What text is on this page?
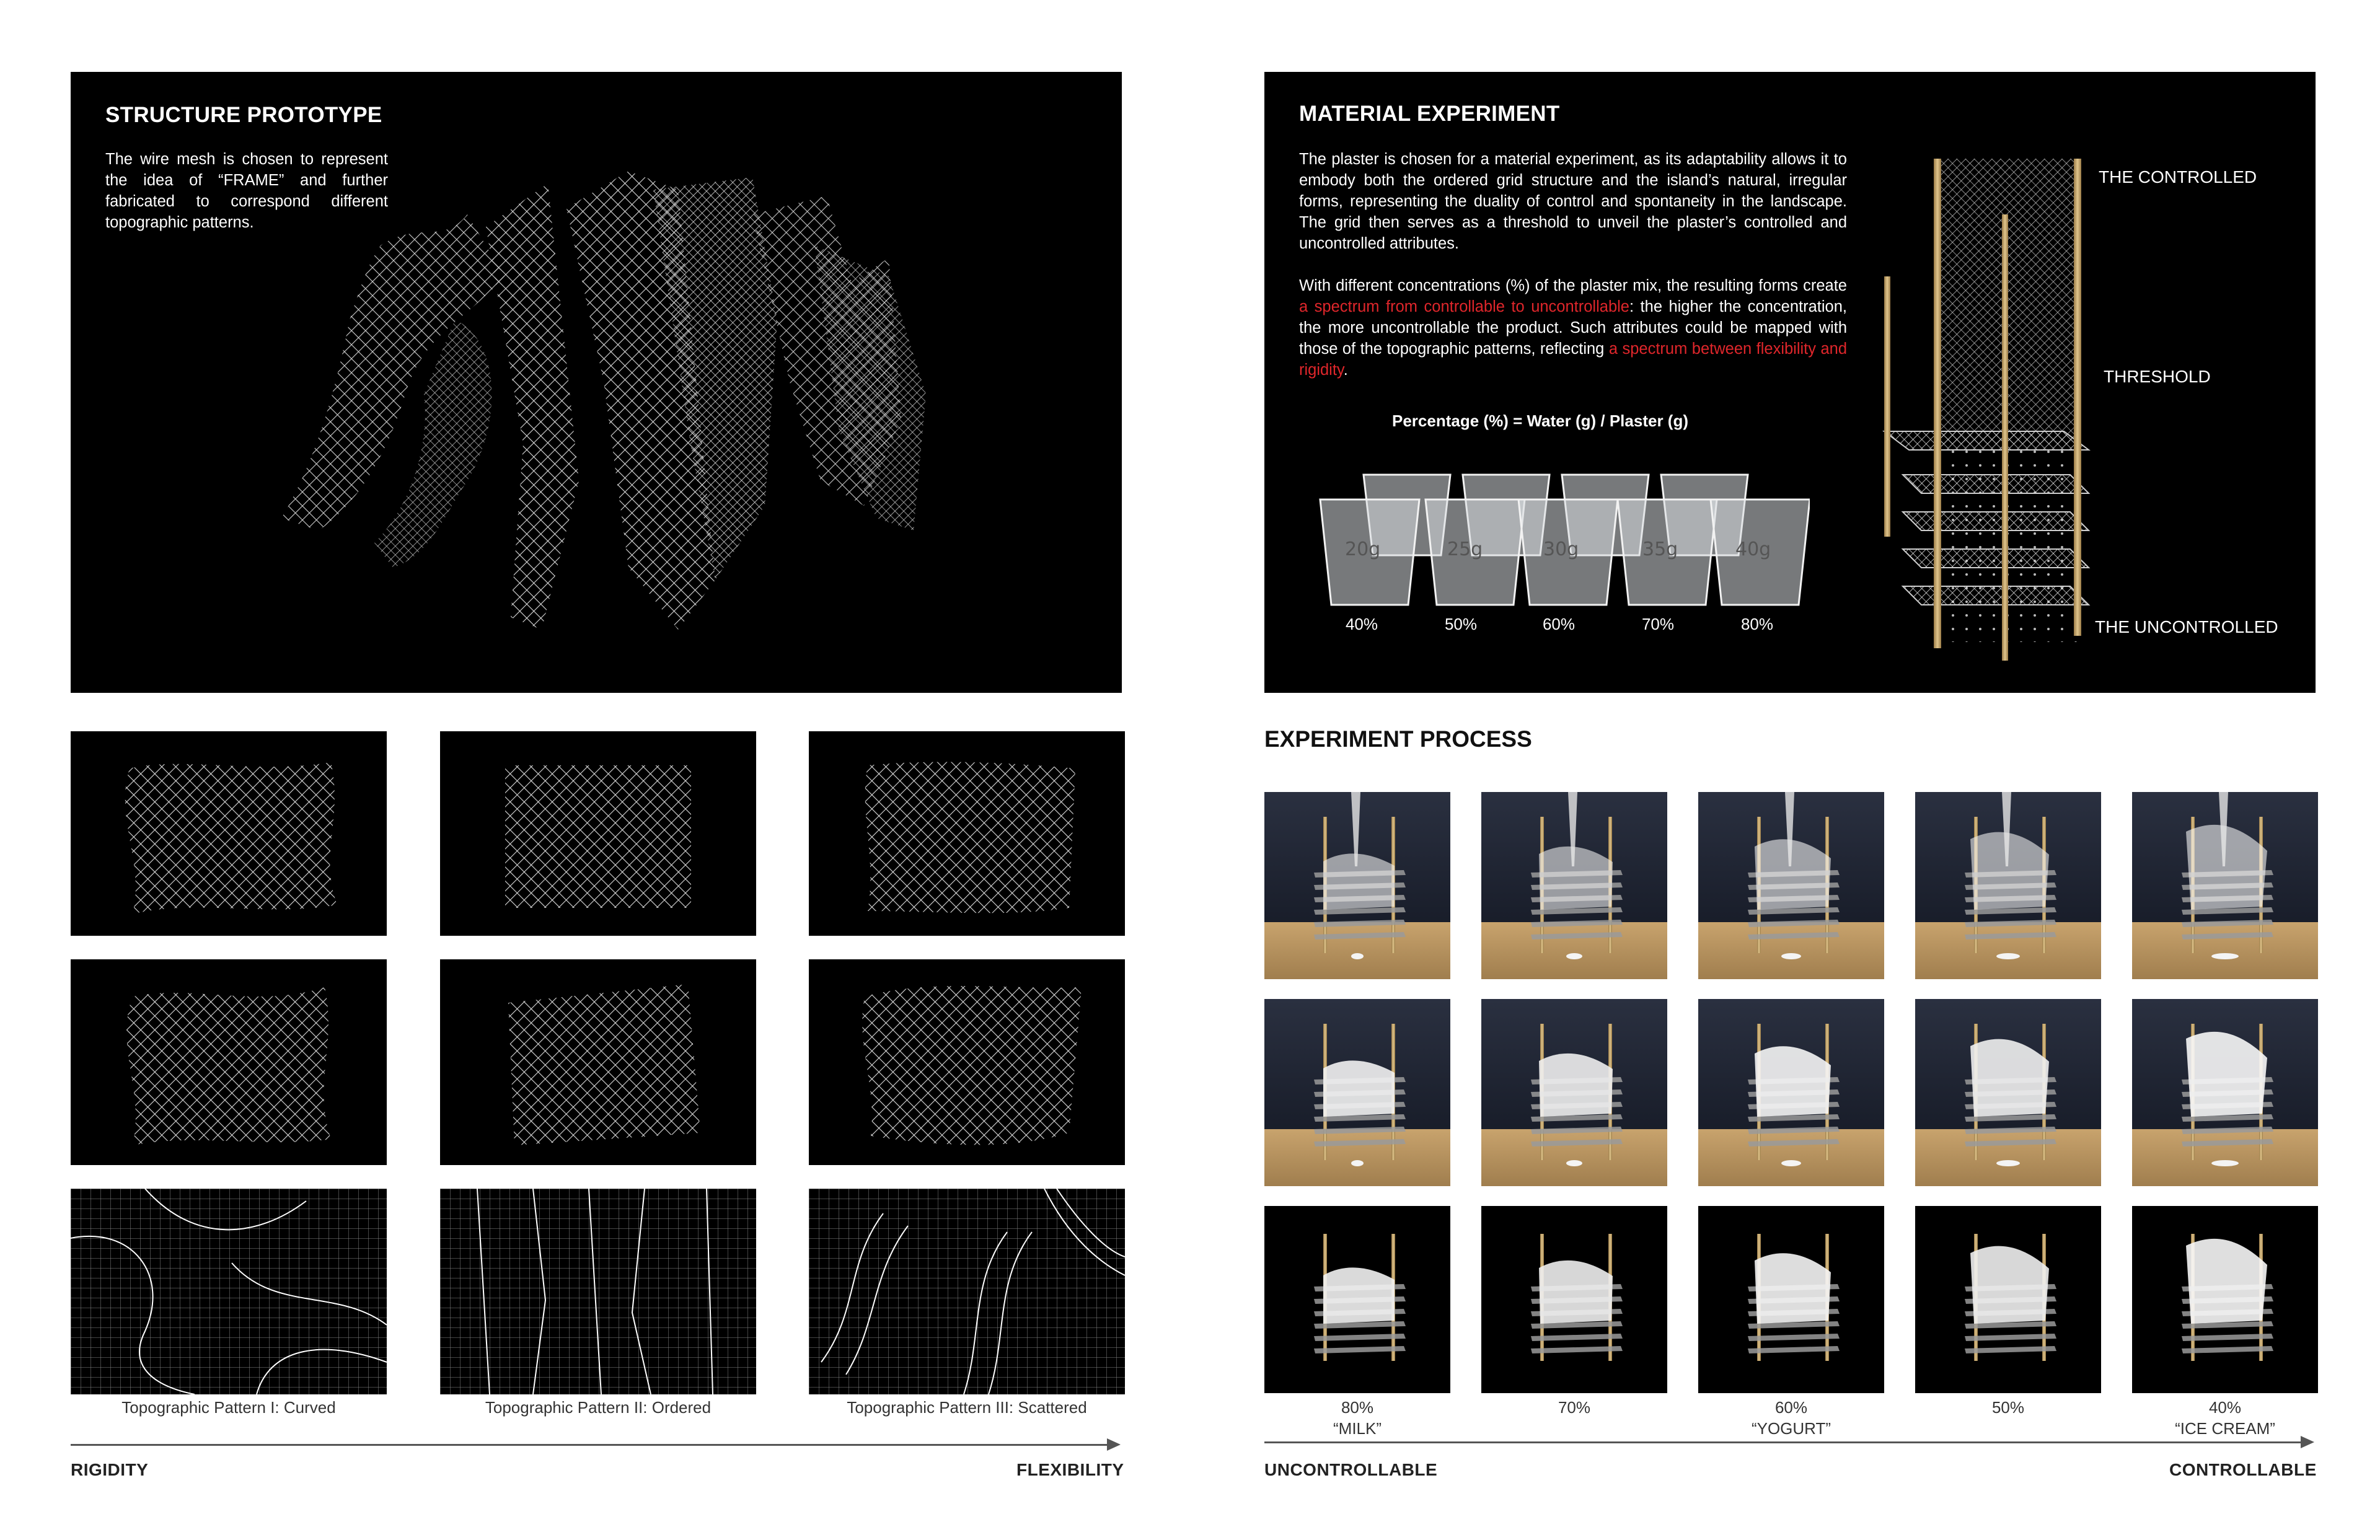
STRUCTURE PROTOTYPE
The wire mesh is chosen to represent the idea of “FRAME” and further fabricated to correspond different topographic patterns.
Topographic Pattern I: Curved	Topographic Pattern II: Ordered	Topographic Pattern III: Scattered
RIGIDITY	FLEXIBILITY
MATERIAL EXPERIMENT

The plaster is chosen for a material experiment, as its adaptability allows it to embody both the ordered grid structure and the island’s natural, irregular forms, representing the duality of control and spontaneity in the landscape. The grid then serves as a threshold to unveil the plaster’s controlled and uncontrolled attributes.

With different concentrations (%) of the plaster mix, the resulting forms create a spectrum from controllable to uncontrollable: the higher the concentration, the more uncontrollable the product. Such attributes could be mapped with those of the topographic patterns, reflecting a spectrum between flexibility and rigidity.

Percentage (%) = Water (g) / Plaster (g)
20g	25g	30g	35g	40g
40%	50%	60%	70%	80%
THE CONTROLLED
THRESHOLD
THE UNCONTROLLED
EXPERIMENT PROCESS
80%
“MILK”
70%	60%
“YOGURT”
50%	40%
“ICE CREAM”
UNCONTROLLABLE	CONTROLLABLE
